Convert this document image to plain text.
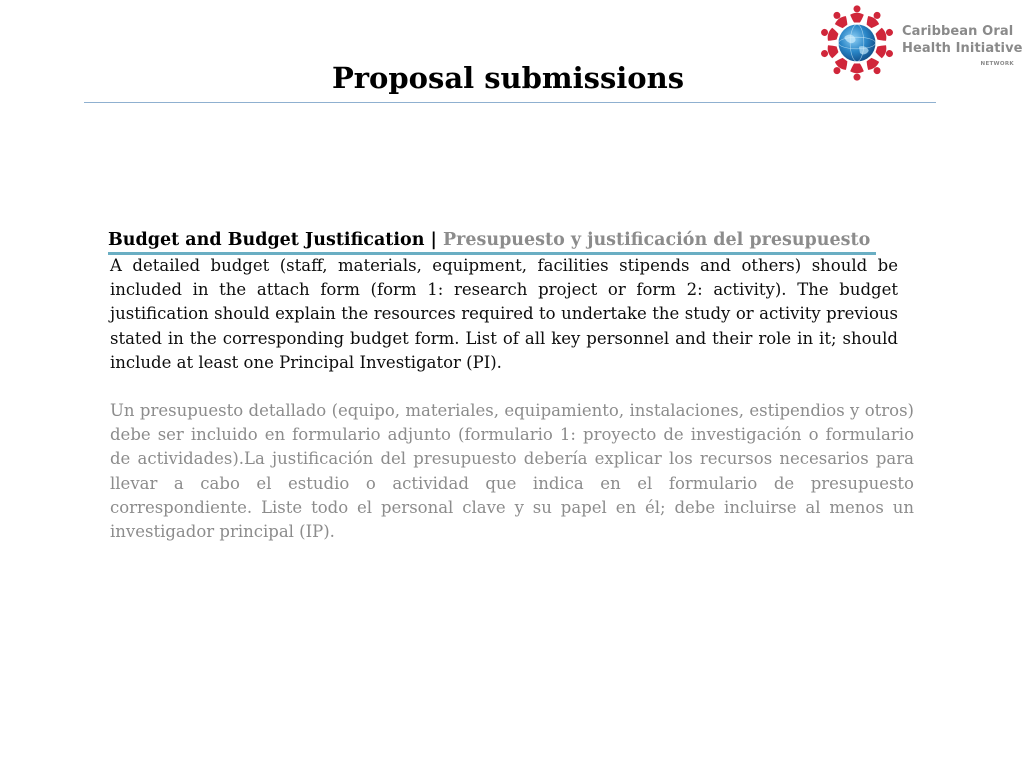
Caribbean Oral
Health Initiative
NETWORK
Proposal submissions
Budget and Budget Justification | Presupuesto y justificación del presupuesto

A detailed budget (staff, materials, equipment, facilities stipends and others) should be included in the attach form (form 1: research project or form 2: activity). The budget justification should explain the resources required to undertake the study or activity previous stated in the corresponding budget form. List of all key personnel and their role in it; should include at least one Principal Investigator (PI).

Un presupuesto detallado (equipo, materiales, equipamiento, instalaciones, estipendios y otros) debe ser incluido en formulario adjunto (formulario 1: proyecto de investigación o formulario de actividades).La justificación del presupuesto debería explicar los recursos necesarios para llevar a cabo el estudio o actividad que indica en el formulario de presupuesto correspondiente. Liste todo el personal clave y su papel en él; debe incluirse al menos un investigador principal (IP).
